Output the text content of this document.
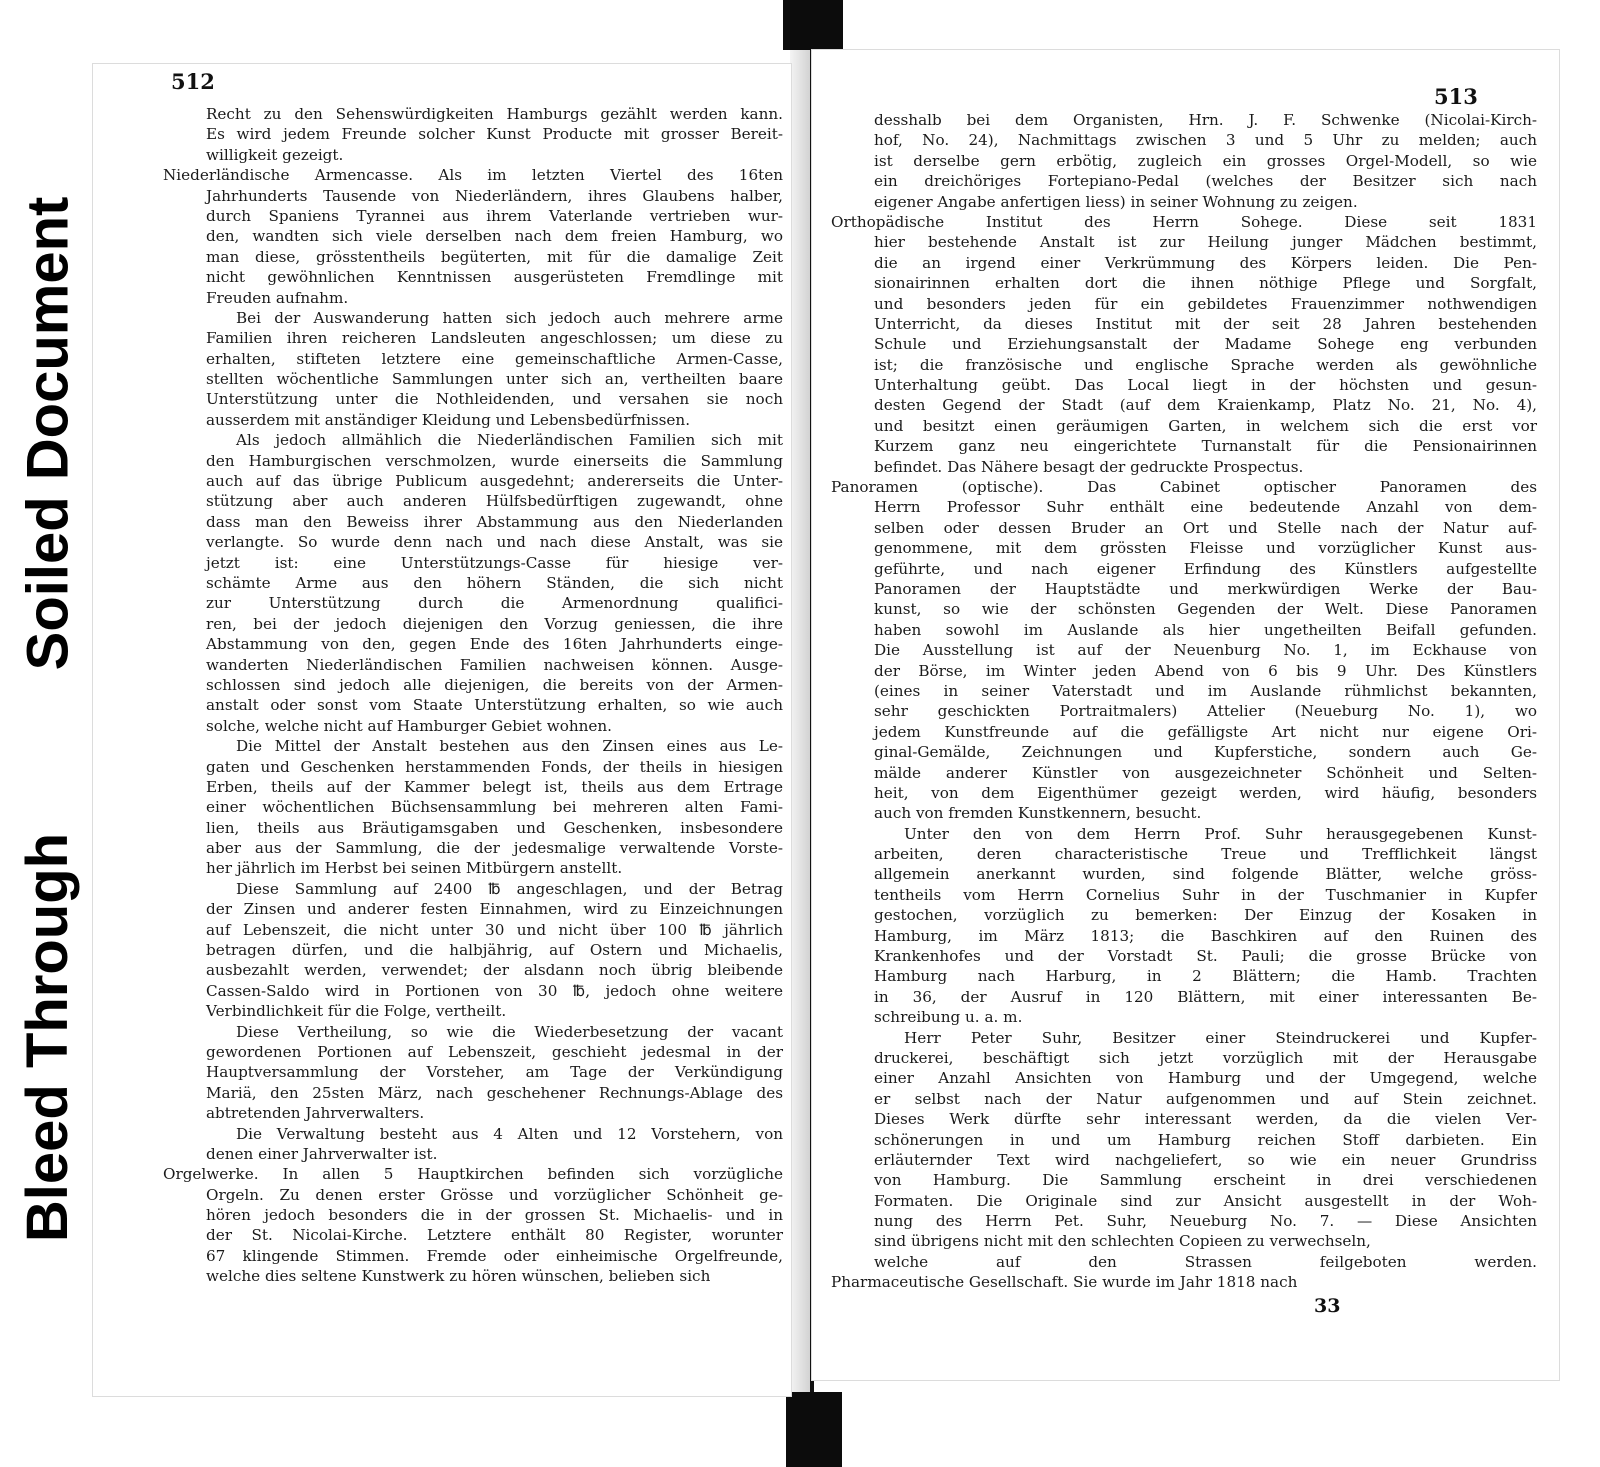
Soiled Document
Bleed Through
512
Recht zu den Sehenswürdigkeiten Hamburgs gezählt werden kann.
Es wird jedem Freunde solcher Kunst Producte mit grosser Bereit-
willigkeit gezeigt.
Niederländische Armencasse. Als im letzten Viertel des 16ten
Jahrhunderts Tausende von Niederländern, ihres Glaubens halber,
durch Spaniens Tyrannei aus ihrem Vaterlande vertrieben wur-
den, wandten sich viele derselben nach dem freien Hamburg, wo
man diese, grösstentheils begüterten, mit für die damalige Zeit
nicht gewöhnlichen Kenntnissen ausgerüsteten Fremdlinge mit
Freuden aufnahm.
Bei der Auswanderung hatten sich jedoch auch mehrere arme
Familien ihren reicheren Landsleuten angeschlossen; um diese zu
erhalten, stifteten letztere eine gemeinschaftliche Armen-Casse,
stellten wöchentliche Sammlungen unter sich an, vertheilten baare
Unterstützung unter die Nothleidenden, und versahen sie noch
ausserdem mit anständiger Kleidung und Lebensbedürfnissen.
Als jedoch allmählich die Niederländischen Familien sich mit
den Hamburgischen verschmolzen, wurde einerseits die Sammlung
auch auf das übrige Publicum ausgedehnt; andererseits die Unter-
stützung aber auch anderen Hülfsbedürftigen zugewandt, ohne
dass man den Beweiss ihrer Abstammung aus den Niederlanden
verlangte. So wurde denn nach und nach diese Anstalt, was sie
jetzt ist: eine Unterstützungs-Casse für hiesige ver-
schämte Arme aus den höhern Ständen, die sich nicht
zur Unterstützung durch die Armenordnung qualifici-
ren, bei der jedoch diejenigen den Vorzug geniessen, die ihre
Abstammung von den, gegen Ende des 16ten Jahrhunderts einge-
wanderten Niederländischen Familien nachweisen können. Ausge-
schlossen sind jedoch alle diejenigen, die bereits von der Armen-
anstalt oder sonst vom Staate Unterstützung erhalten, so wie auch
solche, welche nicht auf Hamburger Gebiet wohnen.
Die Mittel der Anstalt bestehen aus den Zinsen eines aus Le-
gaten und Geschenken herstammenden Fonds, der theils in hiesigen
Erben, theils auf der Kammer belegt ist, theils aus dem Ertrage
einer wöchentlichen Büchsensammlung bei mehreren alten Fami-
lien, theils aus Bräutigamsgaben und Geschenken, insbesondere
aber aus der Sammlung, die der jedesmalige verwaltende Vorste-
her jährlich im Herbst bei seinen Mitbürgern anstellt.
Diese Sammlung auf 2400 ℔ angeschlagen, und der Betrag
der Zinsen und anderer festen Einnahmen, wird zu Einzeichnungen
auf Lebenszeit, die nicht unter 30 und nicht über 100 ℔ jährlich
betragen dürfen, und die halbjährig, auf Ostern und Michaelis,
ausbezahlt werden, verwendet; der alsdann noch übrig bleibende
Cassen-Saldo wird in Portionen von 30 ℔, jedoch ohne weitere
Verbindlichkeit für die Folge, vertheilt.
Diese Vertheilung, so wie die Wiederbesetzung der vacant
gewordenen Portionen auf Lebenszeit, geschieht jedesmal in der
Hauptversammlung der Vorsteher, am Tage der Verkündigung
Mariä, den 25sten März, nach geschehener Rechnungs-Ablage des
abtretenden Jahrverwalters.
Die Verwaltung besteht aus 4 Alten und 12 Vorstehern, von
denen einer Jahrverwalter ist.
Orgelwerke. In allen 5 Hauptkirchen befinden sich vorzügliche
Orgeln. Zu denen erster Grösse und vorzüglicher Schönheit ge-
hören jedoch besonders die in der grossen St. Michaelis- und in
der St. Nicolai-Kirche. Letztere enthält 80 Register, worunter
67 klingende Stimmen. Fremde oder einheimische Orgelfreunde,
welche dies seltene Kunstwerk zu hören wünschen, belieben sich
513
desshalb bei dem Organisten, Hrn. J. F. Schwenke (Nicolai-Kirch-
hof, No. 24), Nachmittags zwischen 3 und 5 Uhr zu melden; auch
ist derselbe gern erbötig, zugleich ein grosses Orgel-Modell, so wie
ein dreichöriges Fortepiano-Pedal (welches der Besitzer sich nach
eigener Angabe anfertigen liess) in seiner Wohnung zu zeigen.
Orthopädische Institut des Herrn Sohege. Diese seit 1831
hier bestehende Anstalt ist zur Heilung junger Mädchen bestimmt,
die an irgend einer Verkrümmung des Körpers leiden. Die Pen-
sionairinnen erhalten dort die ihnen nöthige Pflege und Sorgfalt,
und besonders jeden für ein gebildetes Frauenzimmer nothwendigen
Unterricht, da dieses Institut mit der seit 28 Jahren bestehenden
Schule und Erziehungsanstalt der Madame Sohege eng verbunden
ist; die französische und englische Sprache werden als gewöhnliche
Unterhaltung geübt. Das Local liegt in der höchsten und gesun-
desten Gegend der Stadt (auf dem Kraienkamp, Platz No. 21, No. 4),
und besitzt einen geräumigen Garten, in welchem sich die erst vor
Kurzem ganz neu eingerichtete Turnanstalt für die Pensionairinnen
befindet. Das Nähere besagt der gedruckte Prospectus.
Panoramen (optische). Das Cabinet optischer Panoramen des
Herrn Professor Suhr enthält eine bedeutende Anzahl von dem-
selben oder dessen Bruder an Ort und Stelle nach der Natur auf-
genommene, mit dem grössten Fleisse und vorzüglicher Kunst aus-
geführte, und nach eigener Erfindung des Künstlers aufgestellte
Panoramen der Hauptstädte und merkwürdigen Werke der Bau-
kunst, so wie der schönsten Gegenden der Welt. Diese Panoramen
haben sowohl im Auslande als hier ungetheilten Beifall gefunden.
Die Ausstellung ist auf der Neuenburg No. 1, im Eckhause von
der Börse, im Winter jeden Abend von 6 bis 9 Uhr. Des Künstlers
(eines in seiner Vaterstadt und im Auslande rühmlichst bekannten,
sehr geschickten Portraitmalers) Attelier (Neueburg No. 1), wo
jedem Kunstfreunde auf die gefälligste Art nicht nur eigene Ori-
ginal-Gemälde, Zeichnungen und Kupferstiche, sondern auch Ge-
mälde anderer Künstler von ausgezeichneter Schönheit und Selten-
heit, von dem Eigenthümer gezeigt werden, wird häufig, besonders
auch von fremden Kunstkennern, besucht.
Unter den von dem Herrn Prof. Suhr herausgegebenen Kunst-
arbeiten, deren characteristische Treue und Trefflichkeit längst
allgemein anerkannt wurden, sind folgende Blätter, welche gröss-
tentheils vom Herrn Cornelius Suhr in der Tuschmanier in Kupfer
gestochen, vorzüglich zu bemerken: Der Einzug der Kosaken in
Hamburg, im März 1813; die Baschkiren auf den Ruinen des
Krankenhofes und der Vorstadt St. Pauli; die grosse Brücke von
Hamburg nach Harburg, in 2 Blättern; die Hamb. Trachten
in 36, der Ausruf in 120 Blättern, mit einer interessanten Be-
schreibung u. a. m.
Herr Peter Suhr, Besitzer einer Steindruckerei und Kupfer-
druckerei, beschäftigt sich jetzt vorzüglich mit der Herausgabe
einer Anzahl Ansichten von Hamburg und der Umgegend, welche
er selbst nach der Natur aufgenommen und auf Stein zeichnet.
Dieses Werk dürfte sehr interessant werden, da die vielen Ver-
schönerungen in und um Hamburg reichen Stoff darbieten. Ein
erläuternder Text wird nachgeliefert, so wie ein neuer Grundriss
von Hamburg. Die Sammlung erscheint in drei verschiedenen
Formaten. Die Originale sind zur Ansicht ausgestellt in der Woh-
nung des Herrn Pet. Suhr, Neueburg No. 7. — Diese Ansichten
sind übrigens nicht mit den schlechten Copieen zu verwechseln,
welche auf den Strassen feilgeboten werden.
Pharmaceutische Gesellschaft. Sie wurde im Jahr 1818 nach
33
